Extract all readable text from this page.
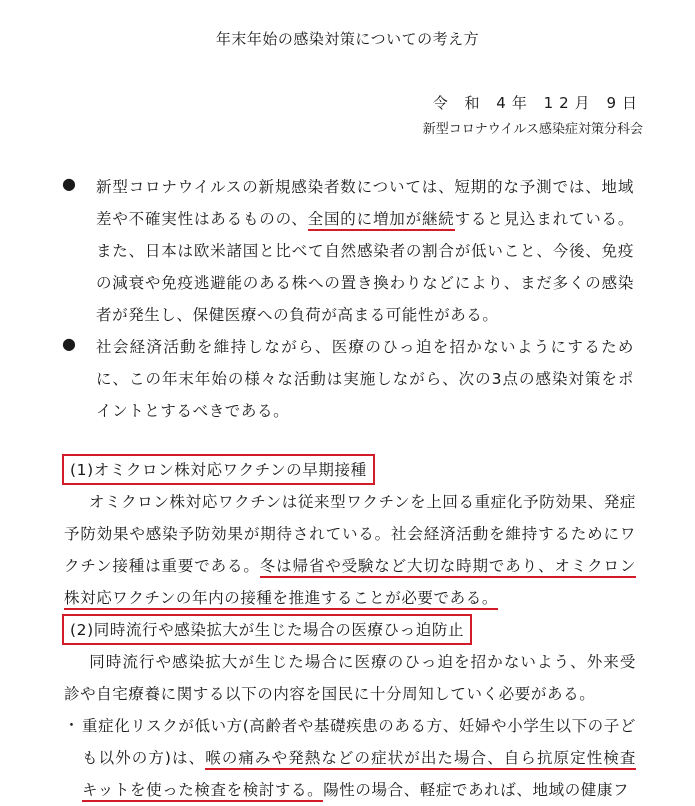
年末年始の感染対策についての考え方
令 和 4年 12月 9日
新型コロナウイルス感染症対策分科会
● 新型コロナウイルスの新規感染者数については、短期的な予測では、地域差や不確実性はあるものの、全国的に増加が継続すると見込まれている。また、日本は欧米諸国と比べて自然感染者の割合が低いこと、今後、免疫の減衰や免疫逃避能のある株への置き換わりなどにより、まだ多くの感染者が発生し、保健医療への負荷が高まる可能性がある。
● 社会経済活動を維持しながら、医療のひっ迫を招かないようにするために、この年末年始の様々な活動は実施しながら、次の3点の感染対策をポイントとするべきである。
(1)オミクロン株対応ワクチンの早期接種
オミクロン株対応ワクチンは従来型ワクチンを上回る重症化予防効果、発症予防効果や感染予防効果が期待されている。社会経済活動を維持するためにワクチン接種は重要である。冬は帰省や受験など大切な時期であり、オミクロン株対応ワクチンの年内の接種を推進することが必要である。
(2)同時流行や感染拡大が生じた場合の医療ひっ迫防止
同時流行や感染拡大が生じた場合に医療のひっ迫を招かないよう、外来受診や自宅療養に関する以下の内容を国民に十分周知していく必要がある。
・ 重症化リスクが低い方(高齢者や基礎疾患のある方、妊婦や小学生以下の子ども以外の方)は、喉の痛みや発熱などの症状が出た場合、自ら抗原定性検査キットを使った検査を検討する。陽性の場合、軽症であれば、地域の健康フ
